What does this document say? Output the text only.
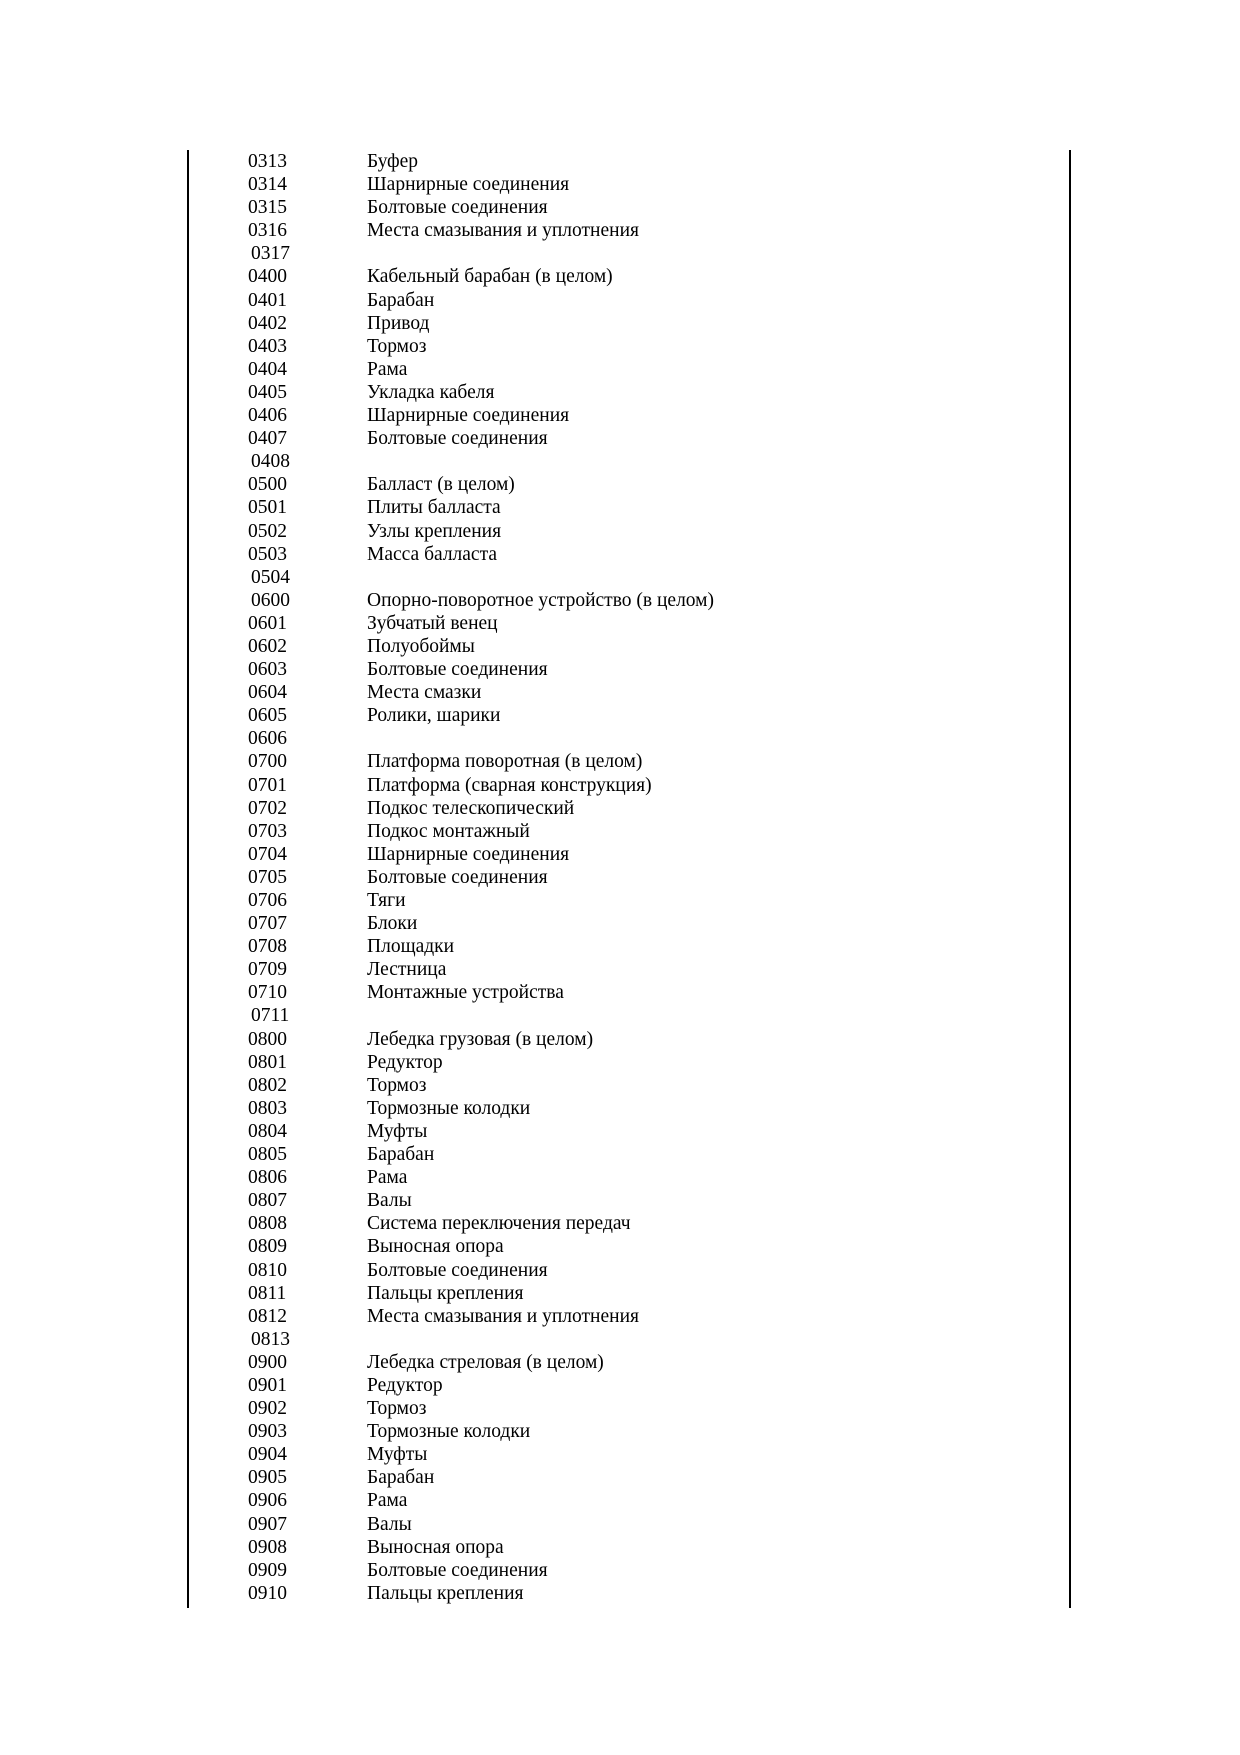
0313	Буфер
0314	Шарнирные соединения
0315	Болтовые соединения
0316	Места смазывания и уплотнения
0317
0400	Кабельный барабан (в целом)
0401	Барабан
0402	Привод
0403	Тормоз
0404	Рама
0405	Укладка кабеля
0406	Шарнирные соединения
0407	Болтовые соединения
0408
0500	Балласт (в целом)
0501	Плиты балласта
0502	Узлы крепления
0503	Масса балласта
0504
0600	Опорно-поворотное устройство (в целом)
0601	Зубчатый венец
0602	Полуобоймы
0603	Болтовые соединения
0604	Места смазки
0605	Ролики, шарики
0606
0700	Платформа поворотная (в целом)
0701	Платформа (сварная конструкция)
0702	Подкос телескопический
0703	Подкос монтажный
0704	Шарнирные соединения
0705	Болтовые соединения
0706	Тяги
0707	Блоки
0708	Площадки
0709	Лестница
0710	Монтажные устройства
0711
0800	Лебедка грузовая (в целом)
0801	Редуктор
0802	Тормоз
0803	Тормозные колодки
0804	Муфты
0805	Барабан
0806	Рама
0807	Валы
0808	Система переключения передач
0809	Выносная опора
0810	Болтовые соединения
0811	Пальцы крепления
0812	Места смазывания и уплотнения
0813
0900	Лебедка стреловая (в целом)
0901	Редуктор
0902	Тормоз
0903	Тормозные колодки
0904	Муфты
0905	Барабан
0906	Рама
0907	Валы
0908	Выносная опора
0909	Болтовые соединения
0910	Пальцы крепления
